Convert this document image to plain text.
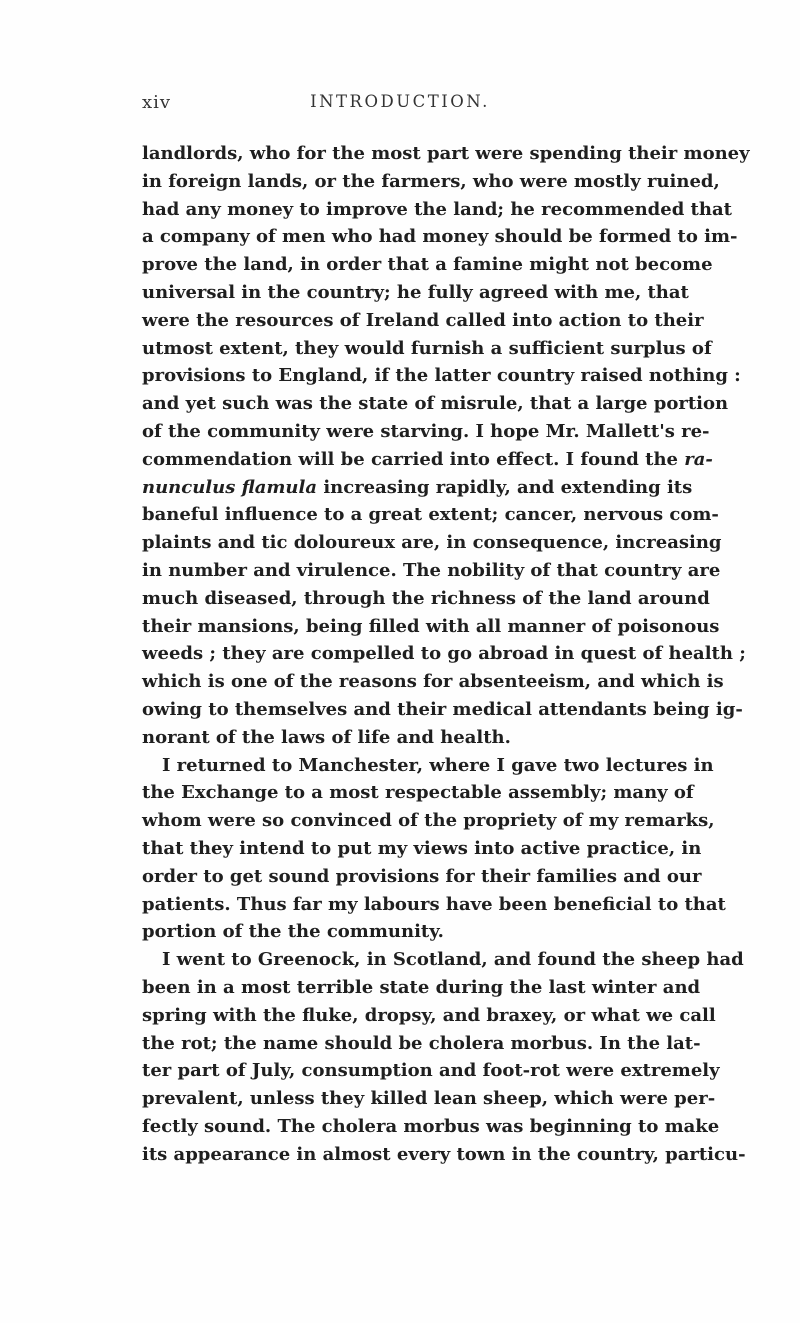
xiv	INTRODUCTION.
landlords, who for the most part were spending their money
in foreign lands, or the farmers, who were mostly ruined,
had any money to improve the land; he recommended that
a company of men who had money should be formed to im-
prove the land, in order that a famine might not become
universal in the country; he fully agreed with me, that
were the resources of Ireland called into action to their
utmost extent, they would furnish a sufficient surplus of
provisions to England, if the latter country raised nothing :
and yet such was the state of misrule, that a large portion
of the community were starving. I hope Mr. Mallett's re-
commendation will be carried into effect. I found the ra-
nunculus flamula increasing rapidly, and extending its
baneful influence to a great extent; cancer, nervous com-
plaints and tic doloureux are, in consequence, increasing
in number and virulence. The nobility of that country are
much diseased, through the richness of the land around
their mansions, being filled with all manner of poisonous
weeds ; they are compelled to go abroad in quest of health ;
which is one of the reasons for absenteeism, and which is
owing to themselves and their medical attendants being ig-
norant of the laws of life and health.
I returned to Manchester, where I gave two lectures in
the Exchange to a most respectable assembly; many of
whom were so convinced of the propriety of my remarks,
that they intend to put my views into active practice, in
order to get sound provisions for their families and our
patients. Thus far my labours have been beneficial to that
portion of the the community.
I went to Greenock, in Scotland, and found the sheep had
been in a most terrible state during the last winter and
spring with the fluke, dropsy, and braxey, or what we call
the rot; the name should be cholera morbus. In the lat-
ter part of July, consumption and foot-rot were extremely
prevalent, unless they killed lean sheep, which were per-
fectly sound. The cholera morbus was beginning to make
its appearance in almost every town in the country, particu-
